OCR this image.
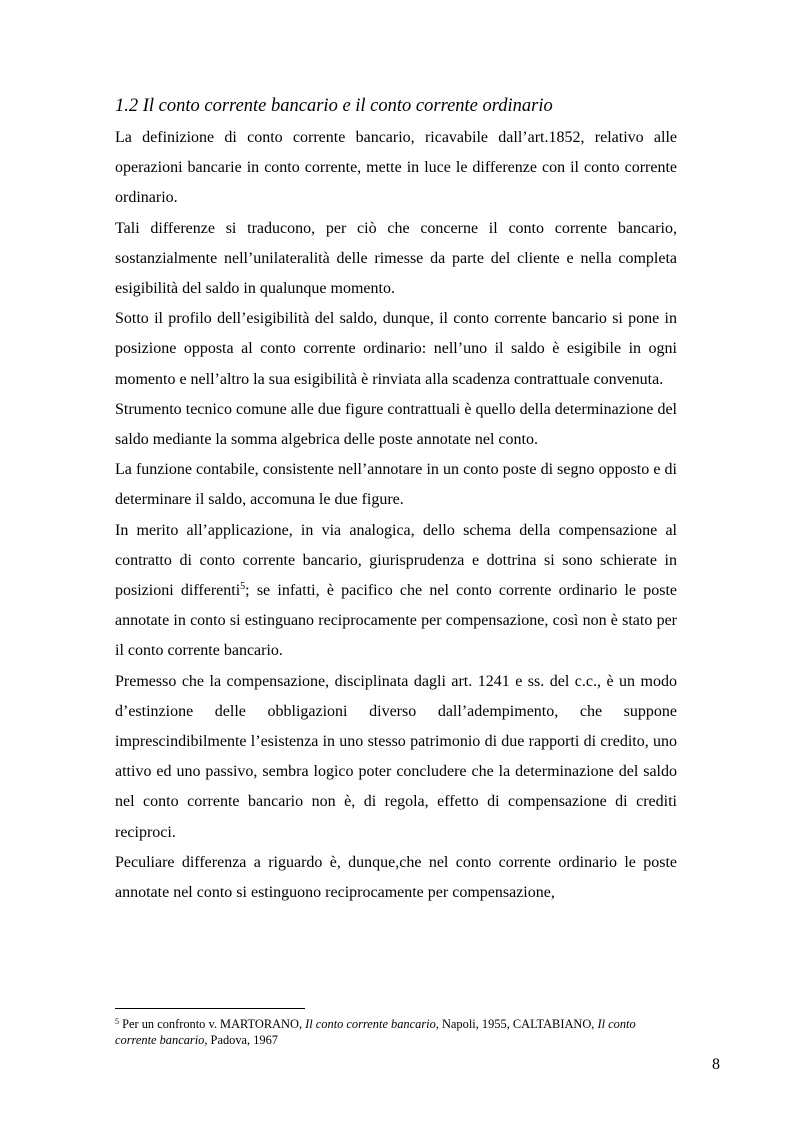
1.2 Il conto corrente bancario e il conto corrente ordinario

La definizione di conto corrente bancario, ricavabile dall’art.1852, relativo alle operazioni bancarie in conto corrente, mette in luce le differenze con il conto corrente ordinario.

Tali differenze si traducono, per ciò che concerne il conto corrente bancario, sostanzialmente nell’unilateralità delle rimesse da parte del cliente e nella completa esigibilità del saldo in qualunque momento.

Sotto il profilo dell’esigibilità del saldo, dunque, il conto corrente bancario si pone in posizione opposta al conto corrente ordinario: nell’uno il saldo è esigibile in ogni momento e nell’altro la sua esigibilità è rinviata alla scadenza contrattuale convenuta.

Strumento tecnico comune alle due figure contrattuali è quello della determinazione del saldo mediante la somma algebrica delle poste annotate nel conto.

La funzione contabile, consistente nell’annotare in un conto poste di segno opposto e di determinare il saldo, accomuna le due figure.

In merito all’applicazione, in via analogica, dello schema della compensazione al contratto di conto corrente bancario, giurisprudenza e dottrina si sono schierate in posizioni differenti$^5$; se infatti, è pacifico che nel conto corrente ordinario le poste annotate in conto si estinguano reciprocamente per compensazione, così non è stato per il conto corrente bancario.

Premesso che la compensazione, disciplinata dagli art. 1241 e ss. del c.c., è un modo d’estinzione delle obbligazioni diverso dall’adempimento, che suppone imprescindibilmente l’esistenza in uno stesso patrimonio di due rapporti di credito, uno attivo ed uno passivo, sembra logico poter concludere che la determinazione del saldo nel conto corrente bancario non è, di regola, effetto di compensazione di crediti reciproci.

Peculiare differenza a riguardo è, dunque,che nel conto corrente ordinario le poste annotate nel conto si estinguono reciprocamente per compensazione,

$^5$ Per un confronto v. MARTORANO, Il conto corrente bancario, Napoli, 1955, CALTABIANO, Il conto corrente bancario, Padova, 1967
8
